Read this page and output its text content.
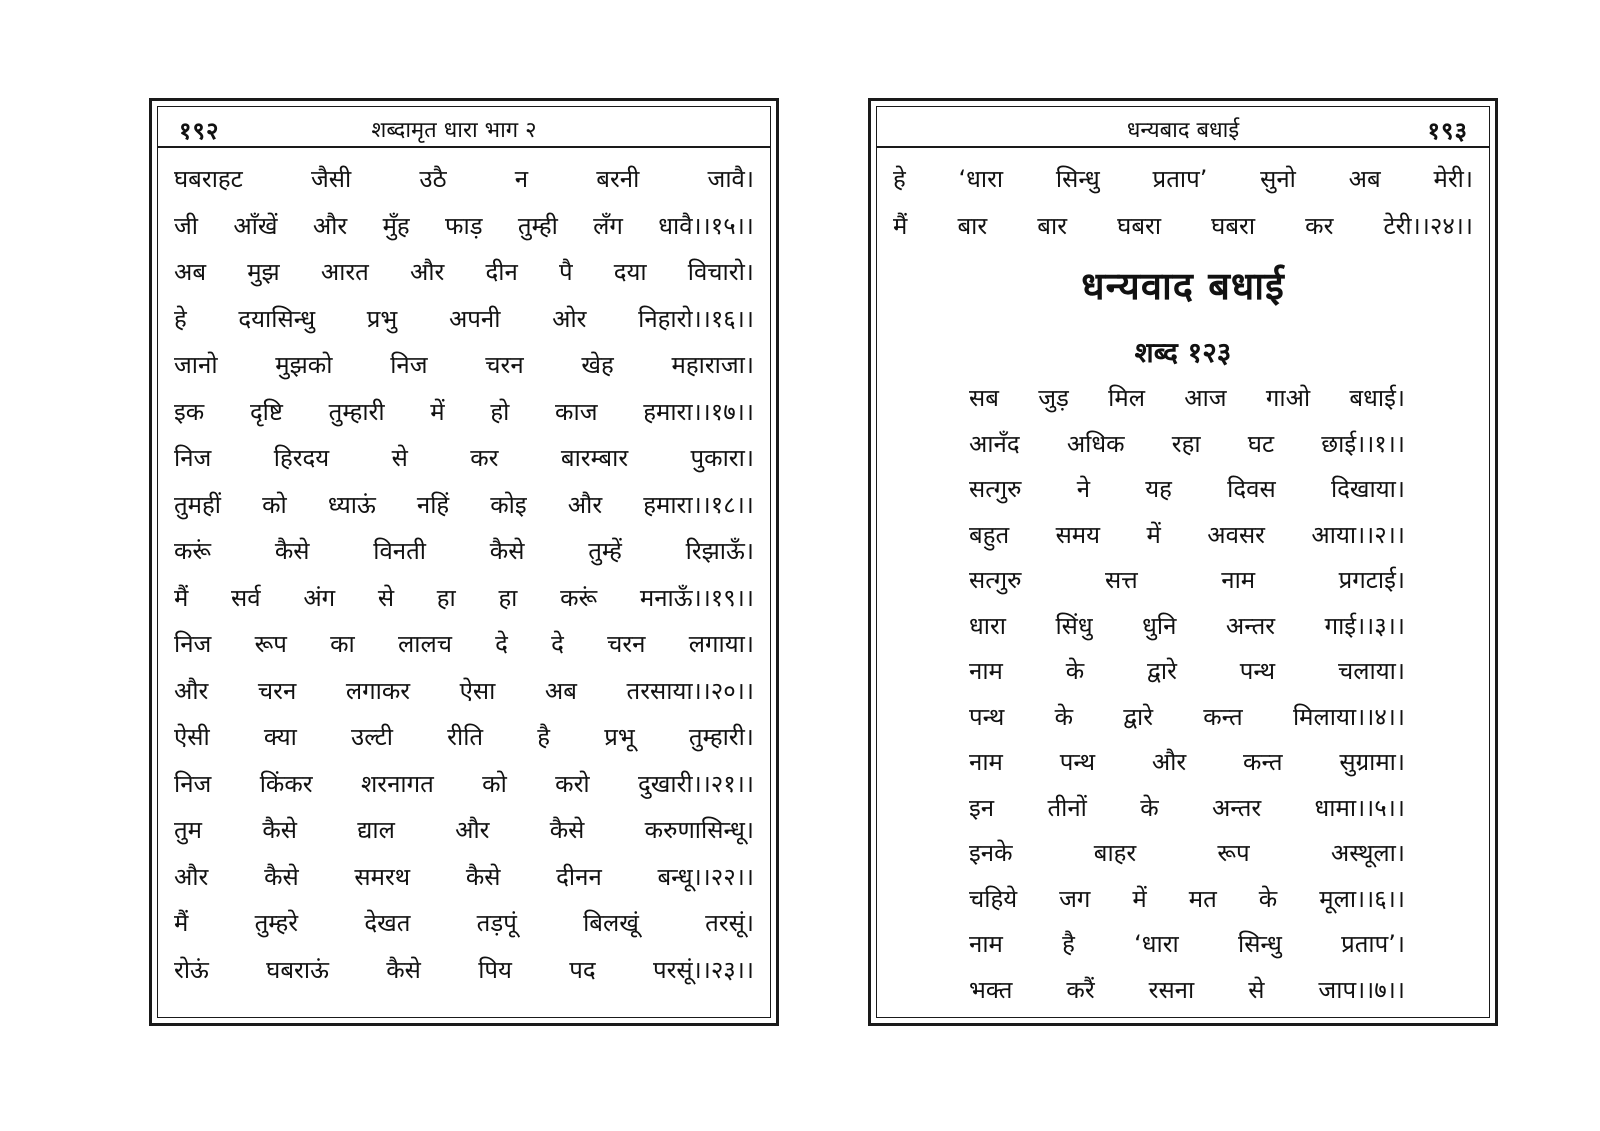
१९२	शब्दामृत धारा भाग २
घबराहट	जैसी	उठै	न	बरनी	जावै।
जी आँखें और मुँह फाड़ तुम्ही लँग धावै।।१५।।
अब मुझ आरत और दीन पै दया विचारो।
हे दयासिन्धु प्रभु अपनी ओर निहारो।।१६।।
जानो मुझको निज चरन खेह महाराजा।
इक दृष्टि तुम्हारी में हो काज हमारा।।१७।।
निज	हिरदय	से	कर	बारम्बार	पुकारा।
तुमहीं को ध्याऊं नहिं कोइ और हमारा।।१८।।
करूं	कैसे	विनती	कैसे	तुम्हें	रिझाऊँ।
मैं सर्व अंग से हा हा करूं मनाऊँ।।१९।।
निज रूप का लालच दे दे चरन लगाया।
और चरन लगाकर ऐसा अब तरसाया।।२०।।
ऐसी क्या उल्टी रीति है प्रभू तुम्हारी।
निज किंकर शरनागत को करो दुखारी।।२१।।
तुम	कैसे	द्याल	और	कैसे	करुणासिन्धू।
और कैसे समरथ कैसे दीनन बन्धू।।२२।।
मैं	तुम्हरे	देखत	तड़पूं	बिलखूं	तरसूं।
रोऊं घबराऊं कैसे पिय पद परसूं।।२३।।
धन्यबाद बधाई	१९३
हे ‘धारा सिन्धु प्रताप’ सुनो अब मेरी।
मैं बार बार घबरा घबरा कर टेरी।।२४।।
धन्यवाद बधाई
शब्द १२३
सब जुड़ मिल आज गाओ बधाई।
आनँद अधिक रहा घट छाई।।१।।
सत्गुरु ने यह दिवस दिखाया।
बहुत समय में अवसर आया।।२।।
सत्गुरु	सत्त	नाम	प्रगटाई।
धारा सिंधु धुनि अन्तर गाई।।३।।
नाम	के	द्वारे	पन्थ	चलाया।
पन्थ के द्वारे कन्त मिलाया।।४।।
नाम पन्थ और कन्त सुग्रामा।
इन तीनों के अन्तर धामा।।५।।
इनके	बाहर	रूप	अस्थूला।
चहिये जग में मत के मूला।।६।।
नाम है ‘धारा सिन्धु प्रताप’।
भक्त करैं रसना से जाप।।७।।
